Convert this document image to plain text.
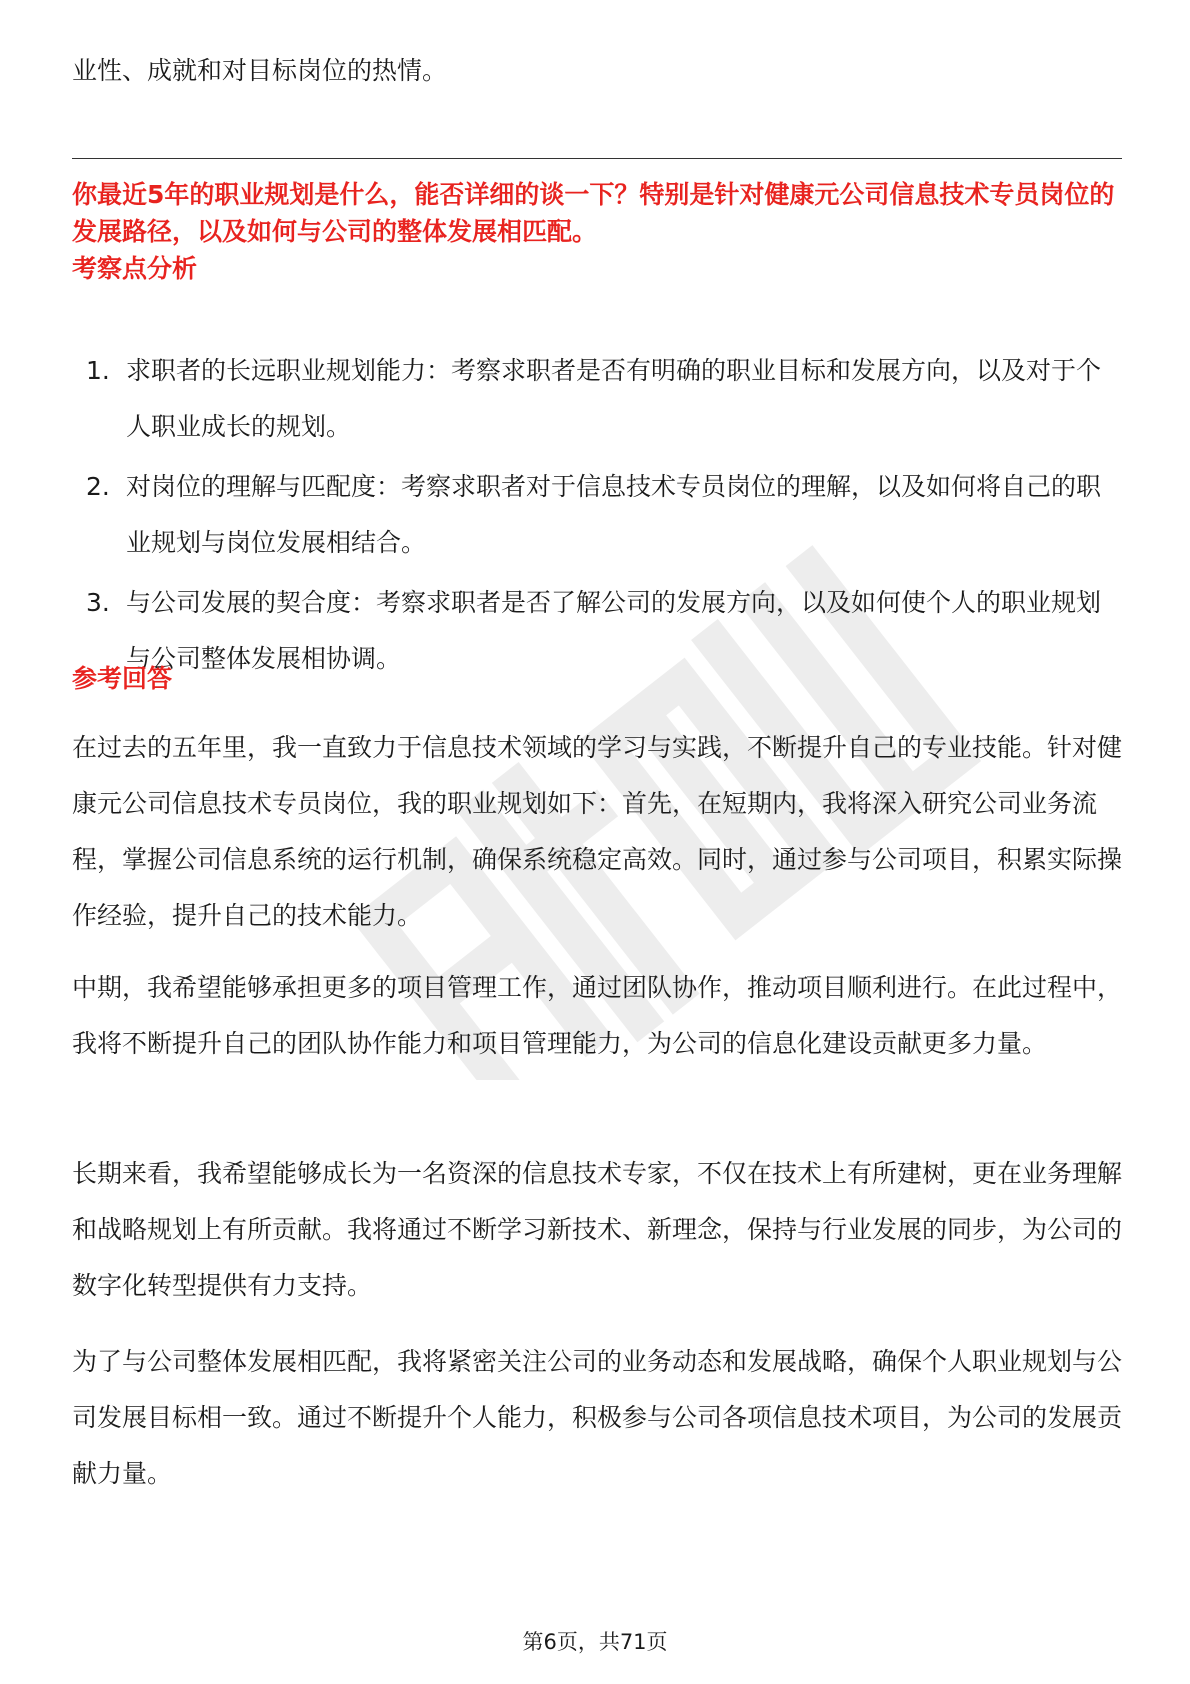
业性、成就和对目标岗位的热情。

你最近5年的职业规划是什么，能否详细的谈一下？特别是针对健康元公司信息技术专员岗位的发展路径，以及如何与公司的整体发展相匹配。

考察点分析

1. 求职者的长远职业规划能力：考察求职者是否有明确的职业目标和发展方向，以及对于个人职业成长的规划。
2. 对岗位的理解与匹配度：考察求职者对于信息技术专员岗位的理解，以及如何将自己的职业规划与岗位发展相结合。
3. 与公司发展的契合度：考察求职者是否了解公司的发展方向，以及如何使个人的职业规划与公司整体发展相协调。

参考回答

在过去的五年里，我一直致力于信息技术领域的学习与实践，不断提升自己的专业技能。针对健康元公司信息技术专员岗位，我的职业规划如下：首先，在短期内，我将深入研究公司业务流程，掌握公司信息系统的运行机制，确保系统稳定高效。同时，通过参与公司项目，积累实际操作经验，提升自己的技术能力。

中期，我希望能够承担更多的项目管理工作，通过团队协作，推动项目顺利进行。在此过程中，我将不断提升自己的团队协作能力和项目管理能力，为公司的信息化建设贡献更多力量。

长期来看，我希望能够成长为一名资深的信息技术专家，不仅在技术上有所建树，更在业务理解和战略规划上有所贡献。我将通过不断学习新技术、新理念，保持与行业发展的同步，为公司的数字化转型提供有力支持。

为了与公司整体发展相匹配，我将紧密关注公司的业务动态和发展战略，确保个人职业规划与公司发展目标相一致。通过不断提升个人能力，积极参与公司各项信息技术项目，为公司的发展贡献力量。

第6页，共71页
